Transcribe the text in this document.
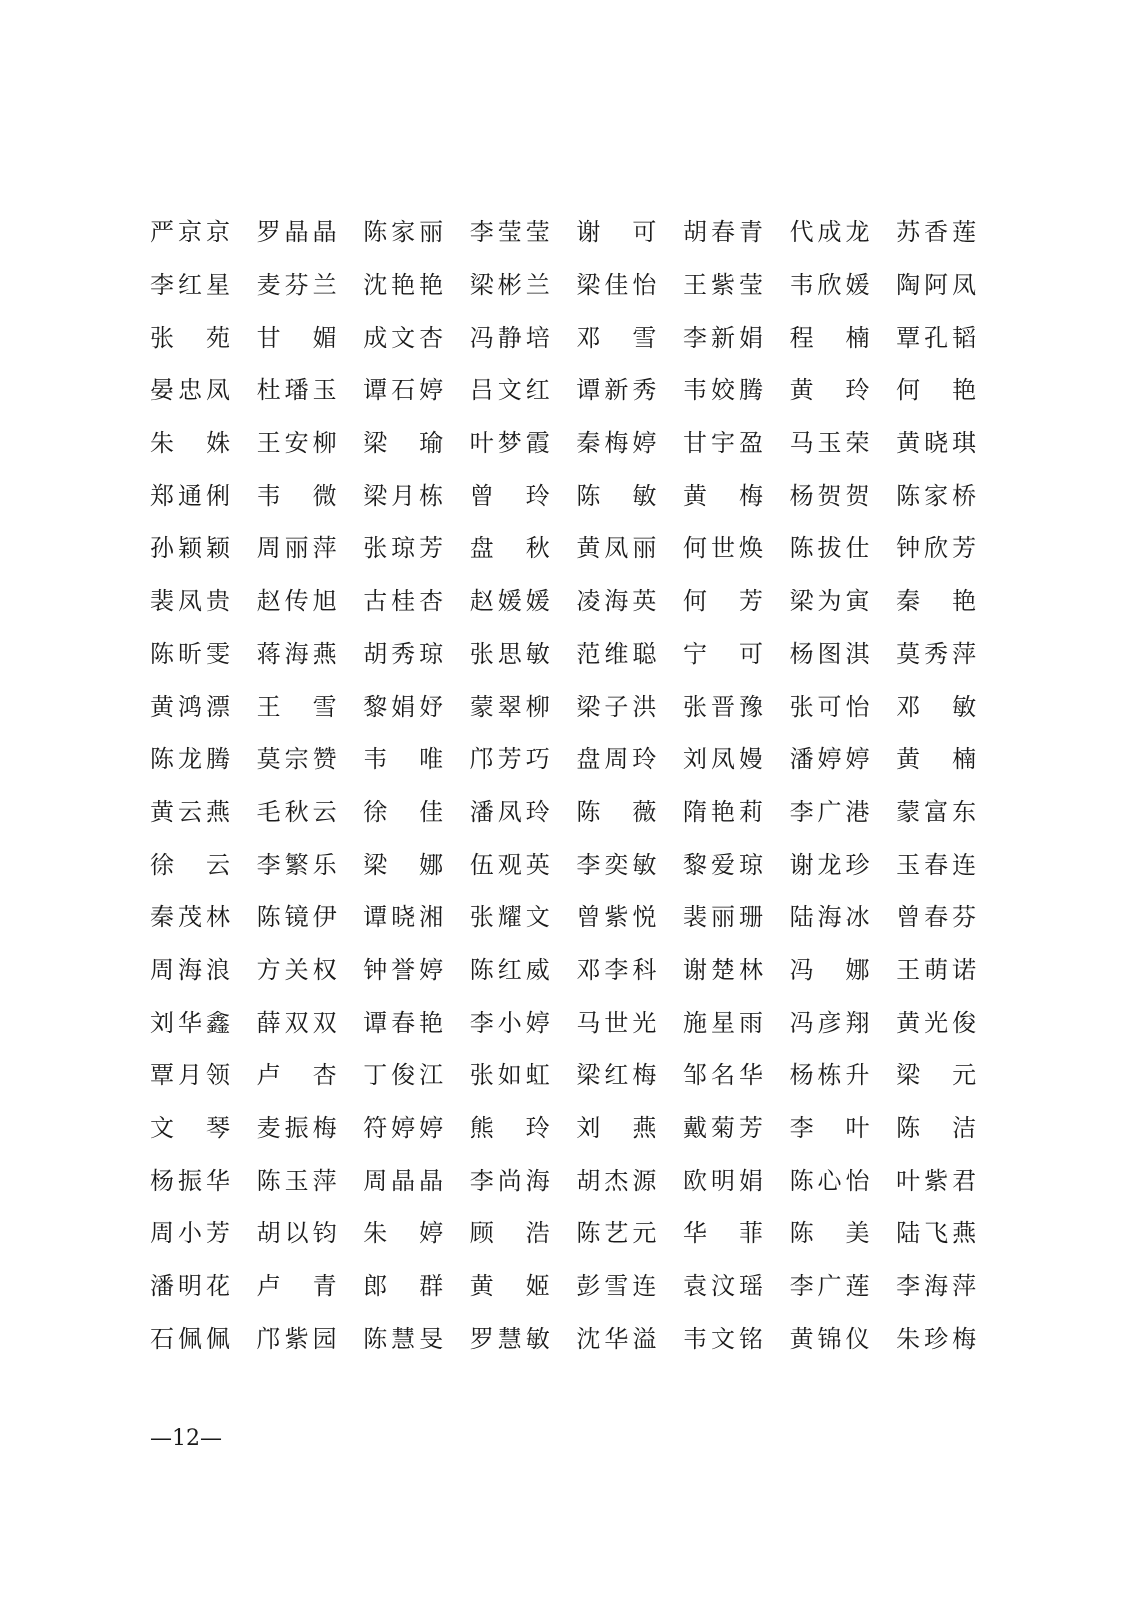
严京京 罗晶晶 陈家丽 李莹莹 谢　可 胡春青 代成龙 苏香莲
李红星 麦芬兰 沈艳艳 梁彬兰 梁佳怡 王紫莹 韦欣媛 陶阿凤
张　苑 甘　媚 成文杏 冯静培 邓　雪 李新娟 程　楠 覃孔韬
晏忠凤 杜璠玉 谭石婷 吕文红 谭新秀 韦姣腾 黄　玲 何　艳
朱　姝 王安柳 梁　瑜 叶梦霞 秦梅婷 甘宇盈 马玉荣 黄晓琪
郑通俐 韦　微 梁月栋 曾　玲 陈　敏 黄　梅 杨贺贺 陈家桥
孙颖颖 周丽萍 张琼芳 盘　秋 黄凤丽 何世焕 陈拔仕 钟欣芳
裴凤贵 赵传旭 古桂杏 赵媛媛 凌海英 何　芳 梁为寅 秦　艳
陈昕雯 蒋海燕 胡秀琼 张思敏 范维聪 宁　可 杨图淇 莫秀萍
黄鸿漂 王　雪 黎娟妤 蒙翠柳 梁子洪 张晋豫 张可怡 邓　敏
陈龙腾 莫宗赞 韦　唯 邝芳巧 盘周玲 刘凤嫚 潘婷婷 黄　楠
黄云燕 毛秋云 徐　佳 潘凤玲 陈　薇 隋艳莉 李广港 蒙富东
徐　云 李繁乐 梁　娜 伍观英 李奕敏 黎爱琼 谢龙珍 玉春连
秦茂林 陈镜伊 谭晓湘 张耀文 曾紫悦 裴丽珊 陆海冰 曾春芬
周海浪 方关权 钟誉婷 陈红威 邓李科 谢楚林 冯　娜 王萌诺
刘华鑫 薛双双 谭春艳 李小婷 马世光 施星雨 冯彦翔 黄光俊
覃月领 卢　杏 丁俊江 张如虹 梁红梅 邹名华 杨栋升 梁　元
文　琴 麦振梅 符婷婷 熊　玲 刘　燕 戴菊芳 李　叶 陈　洁
杨振华 陈玉萍 周晶晶 李尚海 胡杰源 欧明娟 陈心怡 叶紫君
周小芳 胡以钧 朱　婷 顾　浩 陈艺元 华　菲 陈　美 陆飞燕
潘明花 卢　青 郎　群 黄　姬 彭雪连 袁汶瑶 李广莲 李海萍
石佩佩 邝紫园 陈慧旻 罗慧敏 沈华溢 韦文铭 黄锦仪 朱珍梅
—12—
